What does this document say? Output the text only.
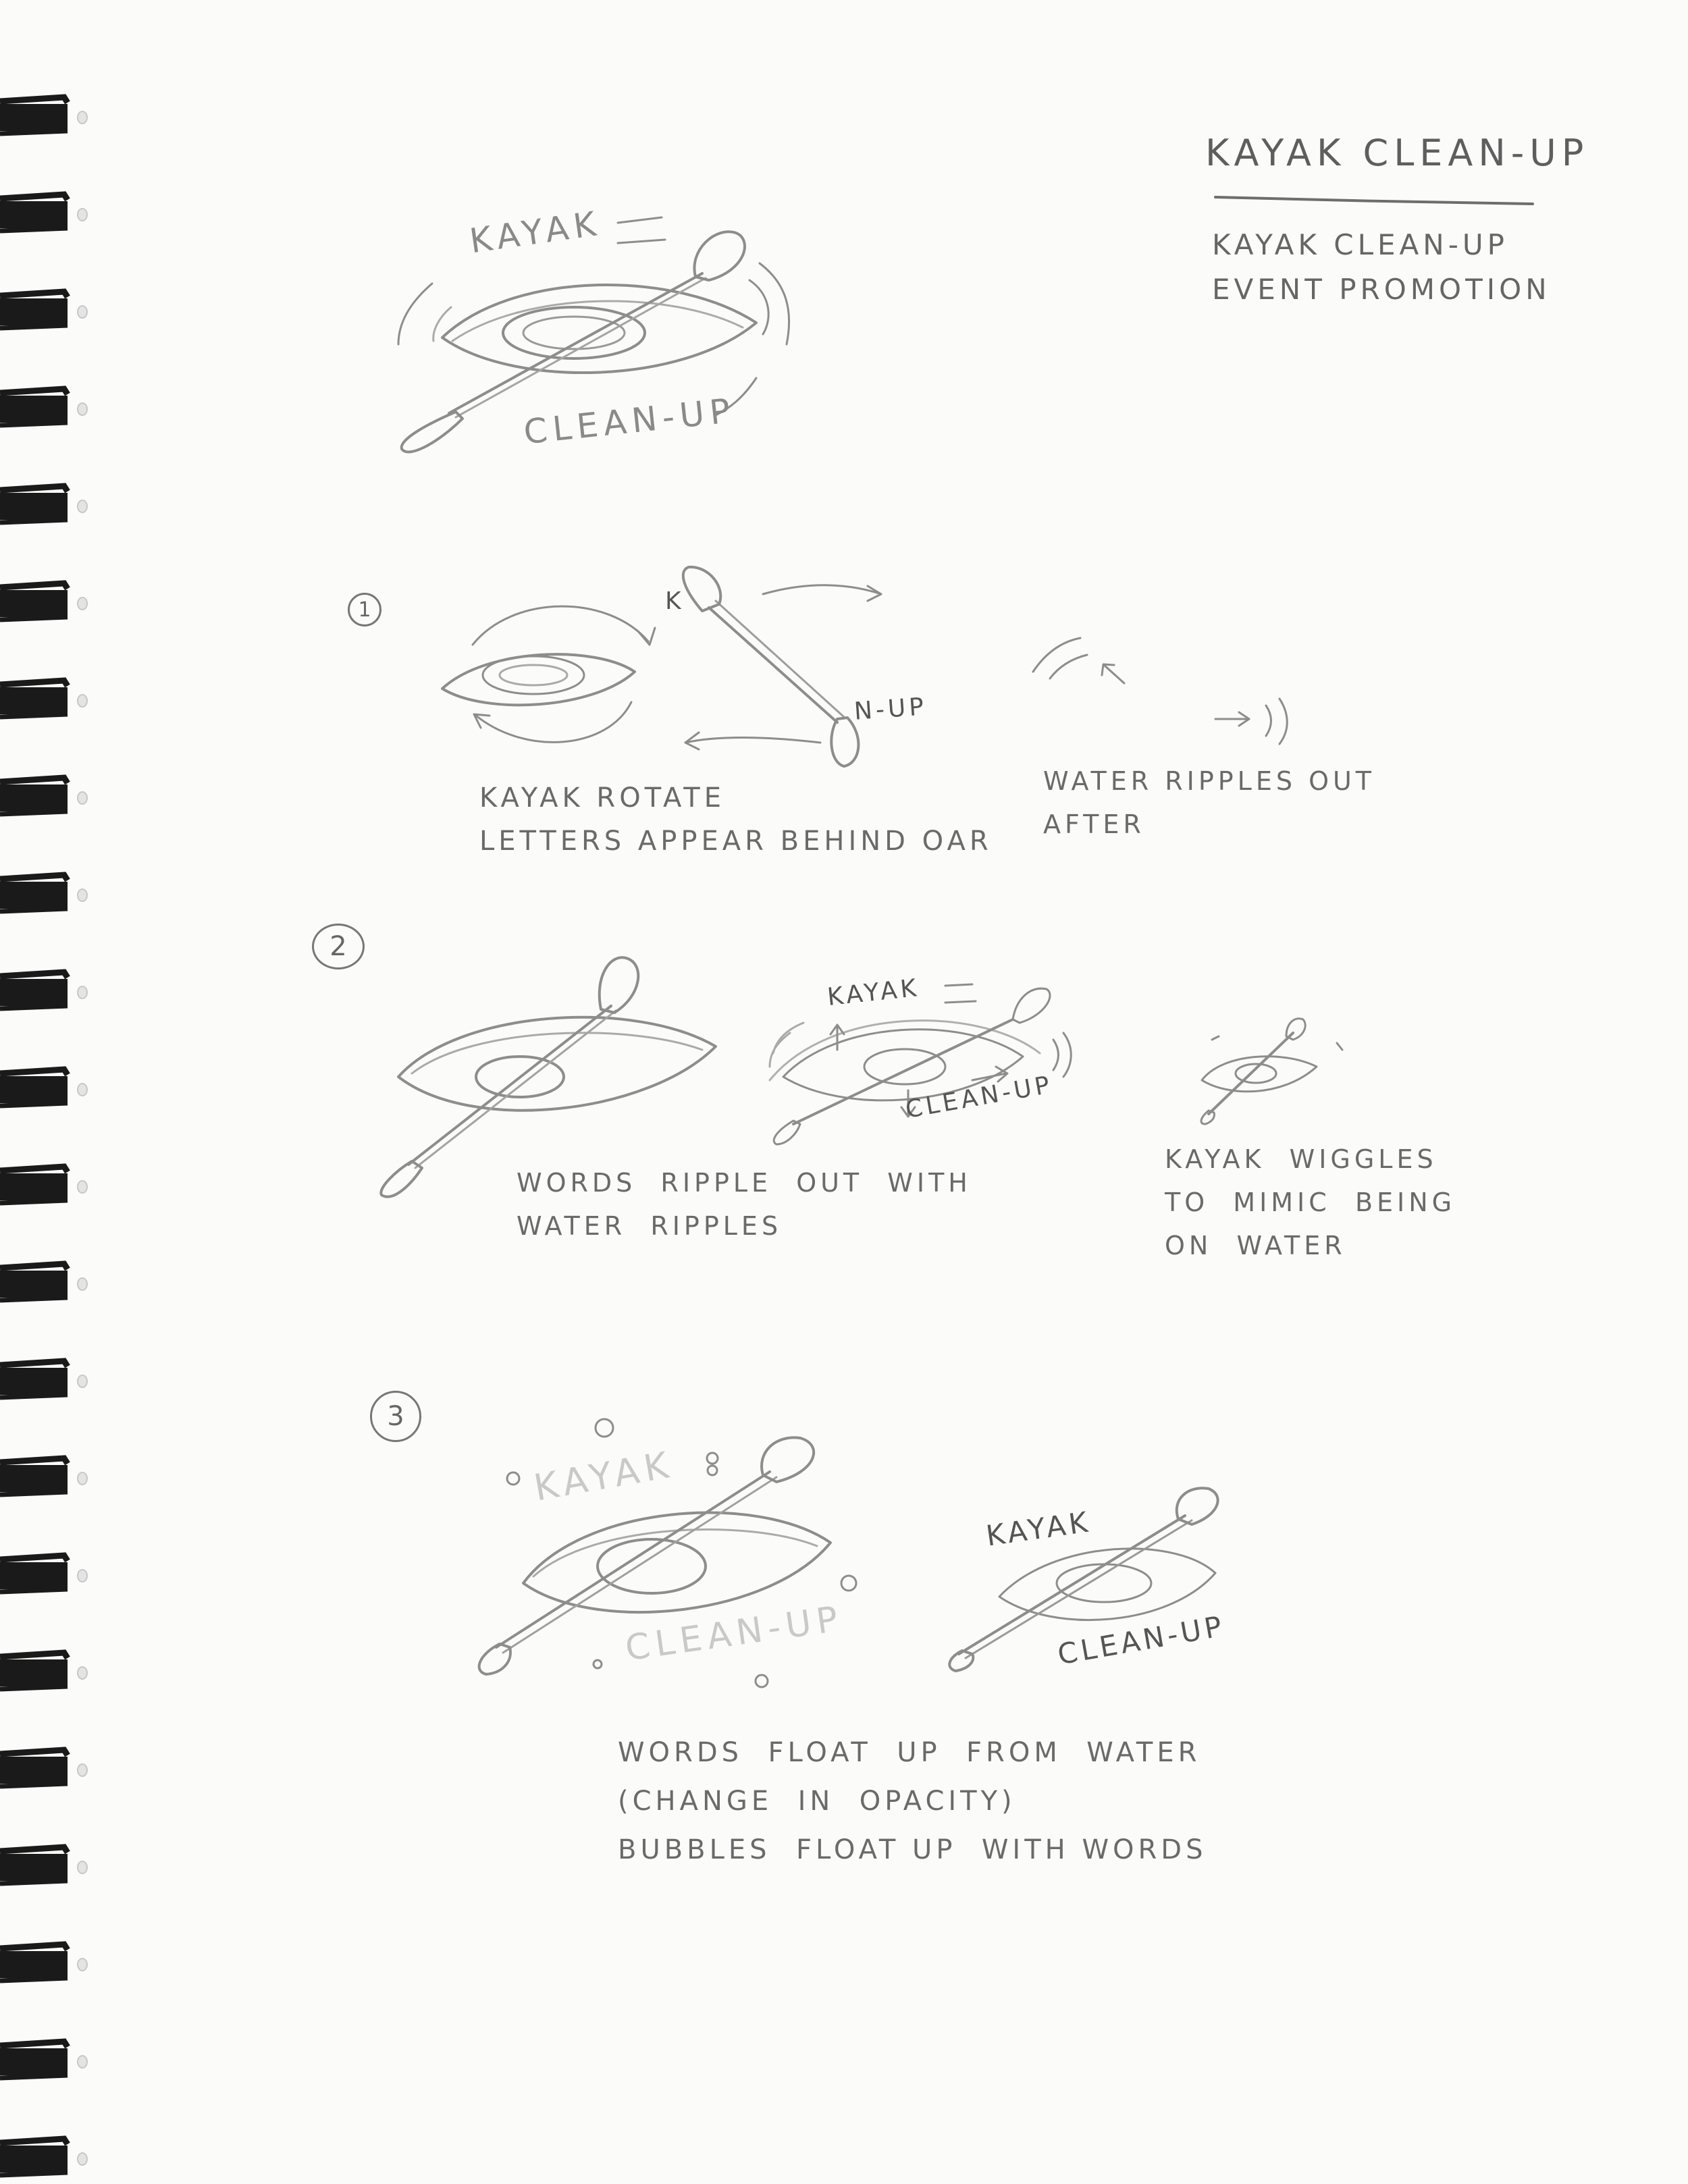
KAYAK CLEAN-UP
KAYAK CLEAN-UP
EVENT PROMOTION
KAYAK
CLEAN-UP
1	K
N-UP
KAYAK ROTATE
LETTERS APPEAR BEHIND OAR
WATER RIPPLES OUT
AFTER
2
KAYAK
CLEAN-UP
WORDS  RIPPLE  OUT  WITH
WATER  RIPPLES
KAYAK  WIGGLES
TO  MIMIC  BEING
ON  WATER
3
KAYAK
CLEAN-UP
KAYAK
CLEAN-UP
WORDS  FLOAT  UP  FROM  WATER
(CHANGE  IN  OPACITY)
BUBBLES  FLOAT UP  WITH WORDS
